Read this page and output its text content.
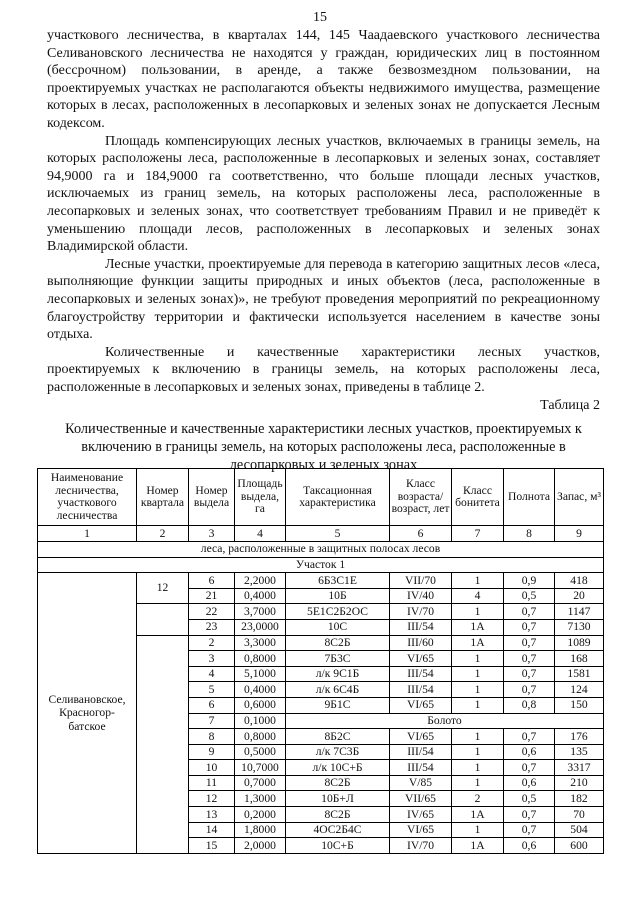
15

участкового лесничества, в кварталах 144, 145 Чаадаевского участкового лесничества Селивановского лесничества не находятся у граждан, юридических лиц в постоянном (бессрочном) пользовании, в аренде, а также безвозмездном пользовании, на проектируемых участках не располагаются объекты недвижимого имущества, размещение которых в лесах, расположенных в лесопарковых и зеленых зонах не допускается Лесным кодексом.

Площадь компенсирующих лесных участков, включаемых в границы земель, на которых расположены леса, расположенные в лесопарковых и зеленых зонах, составляет 94,9000 га и 184,9000 га соответственно, что больше площади лесных участков, исключаемых из границ земель, на которых расположены леса, расположенные в лесопарковых и зеленых зонах, что соответствует требованиям Правил и не приведёт к уменьшению площади лесов, расположенных в лесопарковых и зеленых зонах Владимирской области.

Лесные участки, проектируемые для перевода в категорию защитных лесов «леса, выполняющие функции защиты природных и иных объектов (леса, расположенные в лесопарковых и зеленых зонах)», не требуют проведения мероприятий по рекреационному благоустройству территории и фактически используется населением в качестве зоны отдыха.

Количественные и качественные характеристики лесных участков, проектируемых к включению в границы земель, на которых расположены леса, расположенные в лесопарковых и зеленых зонах, приведены в таблице 2.

Таблица 2

Количественные и качественные характеристики лесных участков, проектируемых к включению в границы земель, на которых расположены леса, расположенные в лесопарковых и зеленых зонах

Наименование лесничества, участкового лесничества	Номер квартала	Номер выдела	Площадь выдела, га	Таксационная характеристика	Класс возраста/ возраст, лет	Класс бонитета	Полнота	Запас, м³
1	2	3	4	5	6	7	8	9
леса, расположенные в защитных полосах лесов								
Участок 1								
Селивановское, Красногор-батское	12	6	2,2000	6Б3С1Е	VII/70	1	0,9	418
		21	0,4000	10Б	IV/40	4	0,5	20
		22	3,7000	5Е1С2Б2ОС	IV/70	1	0,7	1147
		23	23,0000	10С	III/54	1А	0,7	7130
		2	3,3000	8С2Б	III/60	1А	0,7	1089
		3	0,8000	7Б3С	VI/65	1	0,7	168
		4	5,1000	л/к 9С1Б	III/54	1	0,7	1581
		5	0,4000	л/к 6С4Б	III/54	1	0,7	124
		6	0,6000	9Б1С	VI/65	1	0,8	150
		7	0,1000	Болото				
		8	0,8000	8Б2С	VI/65	1	0,7	176
		9	0,5000	л/к 7С3Б	III/54	1	0,6	135
		10	10,7000	л/к 10С+Б	III/54	1	0,7	3317
		11	0,7000	8С2Б	V/85	1	0,6	210
		12	1,3000	10Б+Л	VII/65	2	0,5	182
		13	0,2000	8С2Б	IV/65	1А	0,7	70
		14	1,8000	4ОС2Б4С	VI/65	1	0,7	504
		15	2,0000	10С+Б	IV/70	1А	0,6	600
